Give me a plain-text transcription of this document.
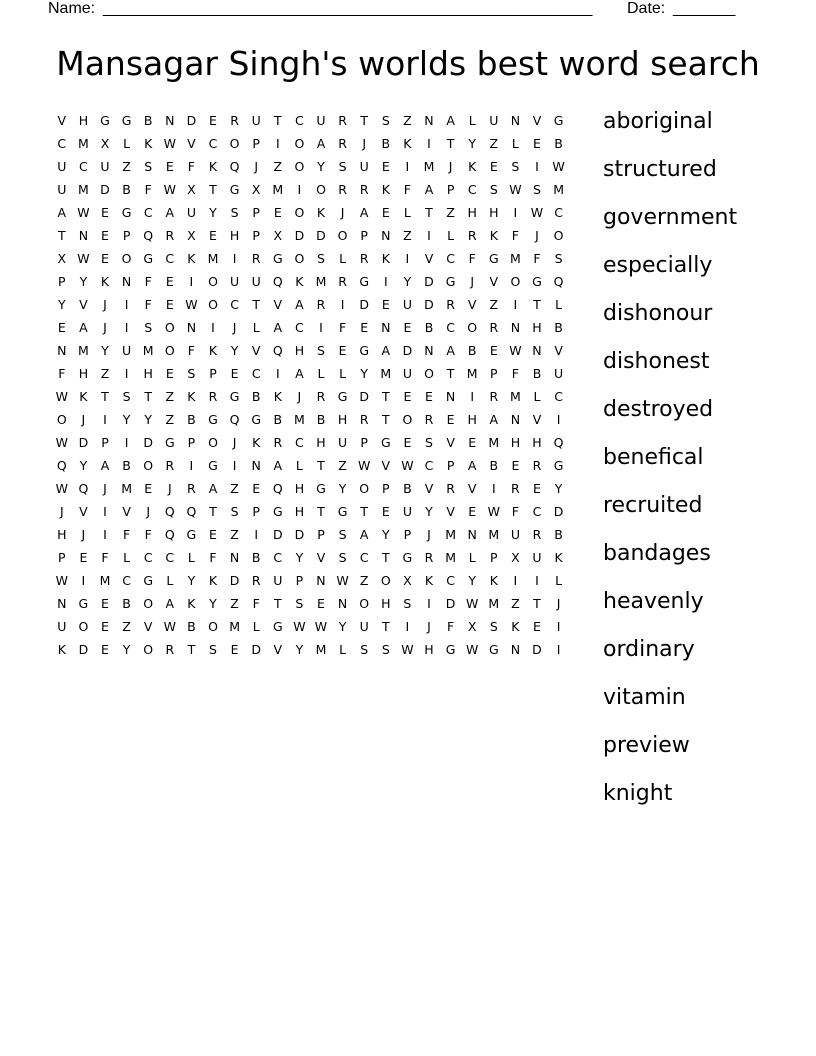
Name: _______________________________________________________ Date: _______
Mansagar Singh's worlds best word search
V	H G G B	N D	E	R	U	T	C	U	R	T	S	Z	N	A	L	U N	V G
C M X	L	K W V	C O	P	I	O A	R	J	B	K	I	T	Y	Z	L	E	B
U	C	U	Z	S	E	F	K	Q	J	Z O	Y	S	U	E	I	M	J	K	E	S	I	W
U M D	B	F W X	T	G X M	I	O R	R	K	F	A	P	C	S W S M
A W E	G C	A	U	Y	S	P	E	O	K	J	A	E	L	T	Z	H H	I	W C
T	N	E	P	Q R	X	E	H	P	X D D O	P	N	Z	I	L	R	K	F	J	O
X W E	O G C	K M	I	R G O	S	L	R	K	I	V	C	F	G M	F	S
P	Y	K	N	F	E	I	O U U Q	K M R G	I	Y	D G	J	V O G Q
Y	V	J	I	F	E W O C	T	V	A	R	I	D	E	U D R	V	Z	I	T	L
E	A	J	I	S	O N	I	J	L	A	C	I	F	E	N	E	B	C O R	N H	B
N M Y	U M O	F	K	Y	V Q H	S	E	G A D N	A	B	E W N	V
F	H	Z	I	H	E	S	P	E	C	I	A	L	L	Y M U O	T M P	F	B	U
W K	T	S	T	Z	K	R G B	K	J	R G D	T	E	E	N	I	R M	L	C
O	J	I	Y	Y	Z	B G Q G B M B	H	R	T	O R	E	H	A	N	V	I
W D	P	I	D G	P	O	J	K	R	C	H U	P	G	E	S	V	E M H H Q
Q	Y	A	B O R	I	G	I	N	A	L	T	Z W V W C	P	A	B	E	R G
W Q	J	M E	J	R	A	Z	E	Q H G	Y	O	P	B	V	R	V	I	R	E	Y
J	V	I	V	J	Q Q	T	S	P	G H	T	G	T	E	U	Y	V	E W F	C D
H	J	I	F	F	Q G	E	Z	I	D D	P	S	A	Y	P	J	M N M U	R	B
P	E	F	L	C	C	L	F	N	B	C	Y	V	S	C	T	G R M	L	P	X	U	K
W	I	M C G	L	Y	K	D R	U	P	N W Z O X	K	C	Y	K	I	I	L
N G	E	B O A	K	Y	Z	F	T	S	E	N O H	S	I	D W M Z	T	J
U O	E	Z	V W B O M	L	G W W Y	U	T	I	J	F	X	S	K	E	I
K	D	E	Y	O R	T	S	E	D	V	Y M	L	S	S W H G W G N D	I
aboriginal
structured
government
especially
dishonour
dishonest
destroyed
benefical
recruited
bandages
heavenly
ordinary
vitamin
preview
knight
